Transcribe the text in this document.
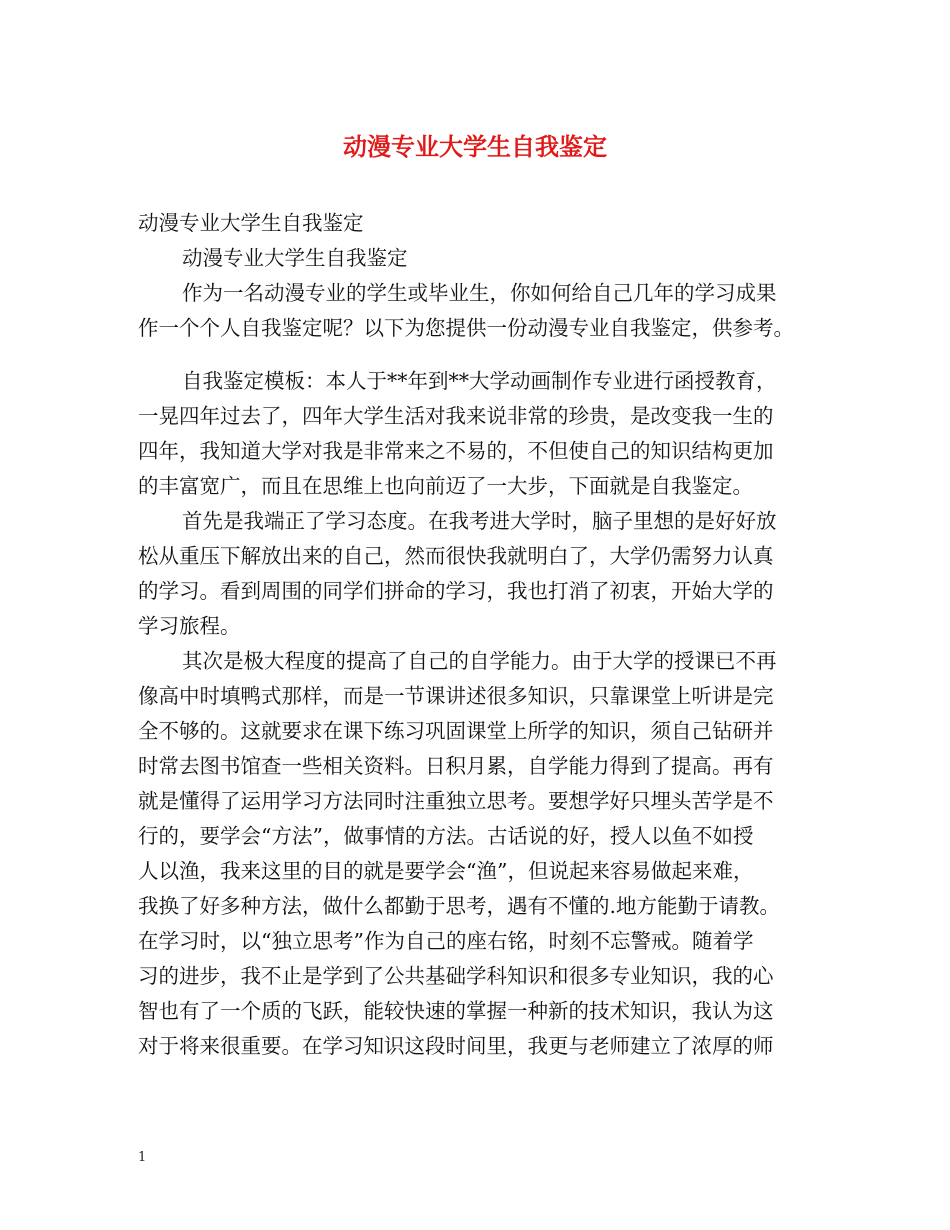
动漫专业大学生自我鉴定
动漫专业大学生自我鉴定
动漫专业大学生自我鉴定
作为一名动漫专业的学生或毕业生，你如何给自己几年的学习成果
作一个个人自我鉴定呢？以下为您提供一份动漫专业自我鉴定，供参考。
自我鉴定模板：本人于**年到**大学动画制作专业进行函授教育，
一晃四年过去了，四年大学生活对我来说非常的珍贵，是改变我一生的
四年，我知道大学对我是非常来之不易的，不但使自己的知识结构更加
的丰富宽广，而且在思维上也向前迈了一大步，下面就是自我鉴定。
首先是我端正了学习态度。在我考进大学时，脑子里想的是好好放
松从重压下解放出来的自己，然而很快我就明白了，大学仍需努力认真
的学习。看到周围的同学们拼命的学习，我也打消了初衷，开始大学的
学习旅程。
其次是极大程度的提高了自己的自学能力。由于大学的授课已不再
像高中时填鸭式那样，而是一节课讲述很多知识，只靠课堂上听讲是完
全不够的。这就要求在课下练习巩固课堂上所学的知识，须自己钻研并
时常去图书馆查一些相关资料。日积月累，自学能力得到了提高。再有
就是懂得了运用学习方法同时注重独立思考。要想学好只埋头苦学是不
行的，要学会“方法”，做事情的方法。古话说的好，授人以鱼不如授
人以渔，我来这里的目的就是要学会“渔”，但说起来容易做起来难，
我换了好多种方法，做什么都勤于思考，遇有不懂的.地方能勤于请教。
在学习时，以“独立思考”作为自己的座右铭，时刻不忘警戒。随着学
习的进步，我不止是学到了公共基础学科知识和很多专业知识，我的心
智也有了一个质的飞跃，能较快速的掌握一种新的技术知识，我认为这
对于将来很重要。在学习知识这段时间里，我更与老师建立了浓厚的师
1
